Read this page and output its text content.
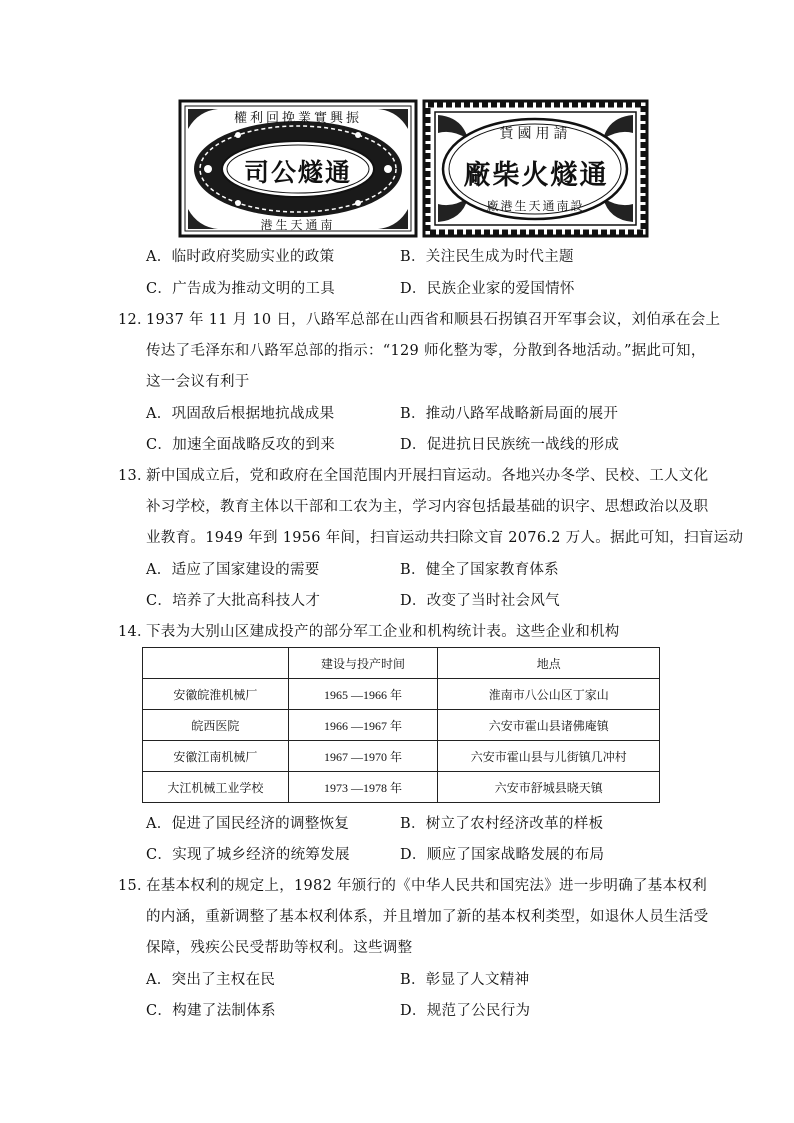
振興實業挽回利權
通燧公司
南通天生港
請用國貨
通燧火柴廠
設南通天生港廠
A．临时政府奖励实业的政策	B．关注民生成为时代主题
C．广告成为推动文明的工具	D．民族企业家的爱国情怀
12．
1937 年 11 月 10 日，八路军总部在山西省和顺县石拐镇召开军事会议，刘伯承在会上
传达了毛泽东和八路军总部的指示：“129 师化整为零，分散到各地活动。”据此可知，
这一会议有利于
A．巩固敌后根据地抗战成果	B．推动八路军战略新局面的展开
C．加速全面战略反攻的到来	D．促进抗日民族统一战线的形成
13．
新中国成立后，党和政府在全国范围内开展扫盲运动。各地兴办冬学、民校、工人文化
补习学校，教育主体以干部和工农为主，学习内容包括最基础的识字、思想政治以及职
业教育。1949 年到 1956 年间，扫盲运动共扫除文盲 2076.2 万人。据此可知，扫盲运动
A．适应了国家建设的需要	B．健全了国家教育体系
C．培养了大批高科技人才	D．改变了当时社会风气
14．
下表为大别山区建成投产的部分军工企业和机构统计表。这些企业和机构
	建设与投产时间	地点
安徽皖淮机械厂	1965 —1966 年	淮南市八公山区丁家山
皖西医院	1966 —1967 年	六安市霍山县诸佛庵镇
安徽江南机械厂	1967 —1970 年	六安市霍山县与儿街镇几冲村
大江机械工业学校	1973 —1978 年	六安市舒城县晓天镇
A．促进了国民经济的调整恢复	B．树立了农村经济改革的样板
C．实现了城乡经济的统筹发展	D．顺应了国家战略发展的布局
15．
在基本权利的规定上，1982 年颁行的《中华人民共和国宪法》进一步明确了基本权利
的内涵，重新调整了基本权利体系，并且增加了新的基本权利类型，如退休人员生活受
保障，残疾公民受帮助等权利。这些调整
A．突出了主权在民	B．彰显了人文精神
C．构建了法制体系	D．规范了公民行为
